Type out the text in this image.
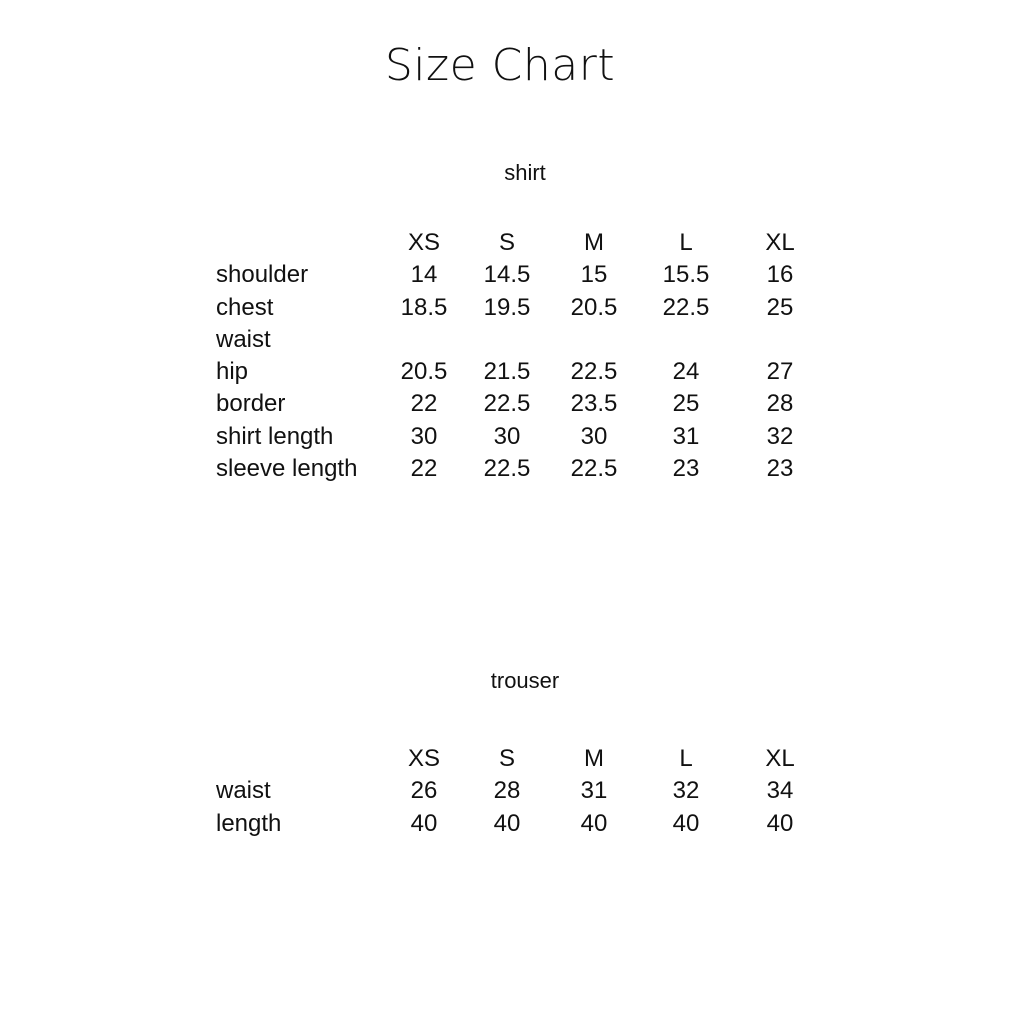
Size Chart
shirt
XS	S	M	L	XL
shoulder	14	14.5	15	15.5	16
chest	18.5	19.5	20.5	22.5	25
waist
hip	20.5	21.5	22.5	24	27
border	22	22.5	23.5	25	28
shirt length	30	30	30	31	32
sleeve length	22	22.5	22.5	23	23
trouser
XS	S	M	L	XL
waist	26	28	31	32	34
length	40	40	40	40	40
